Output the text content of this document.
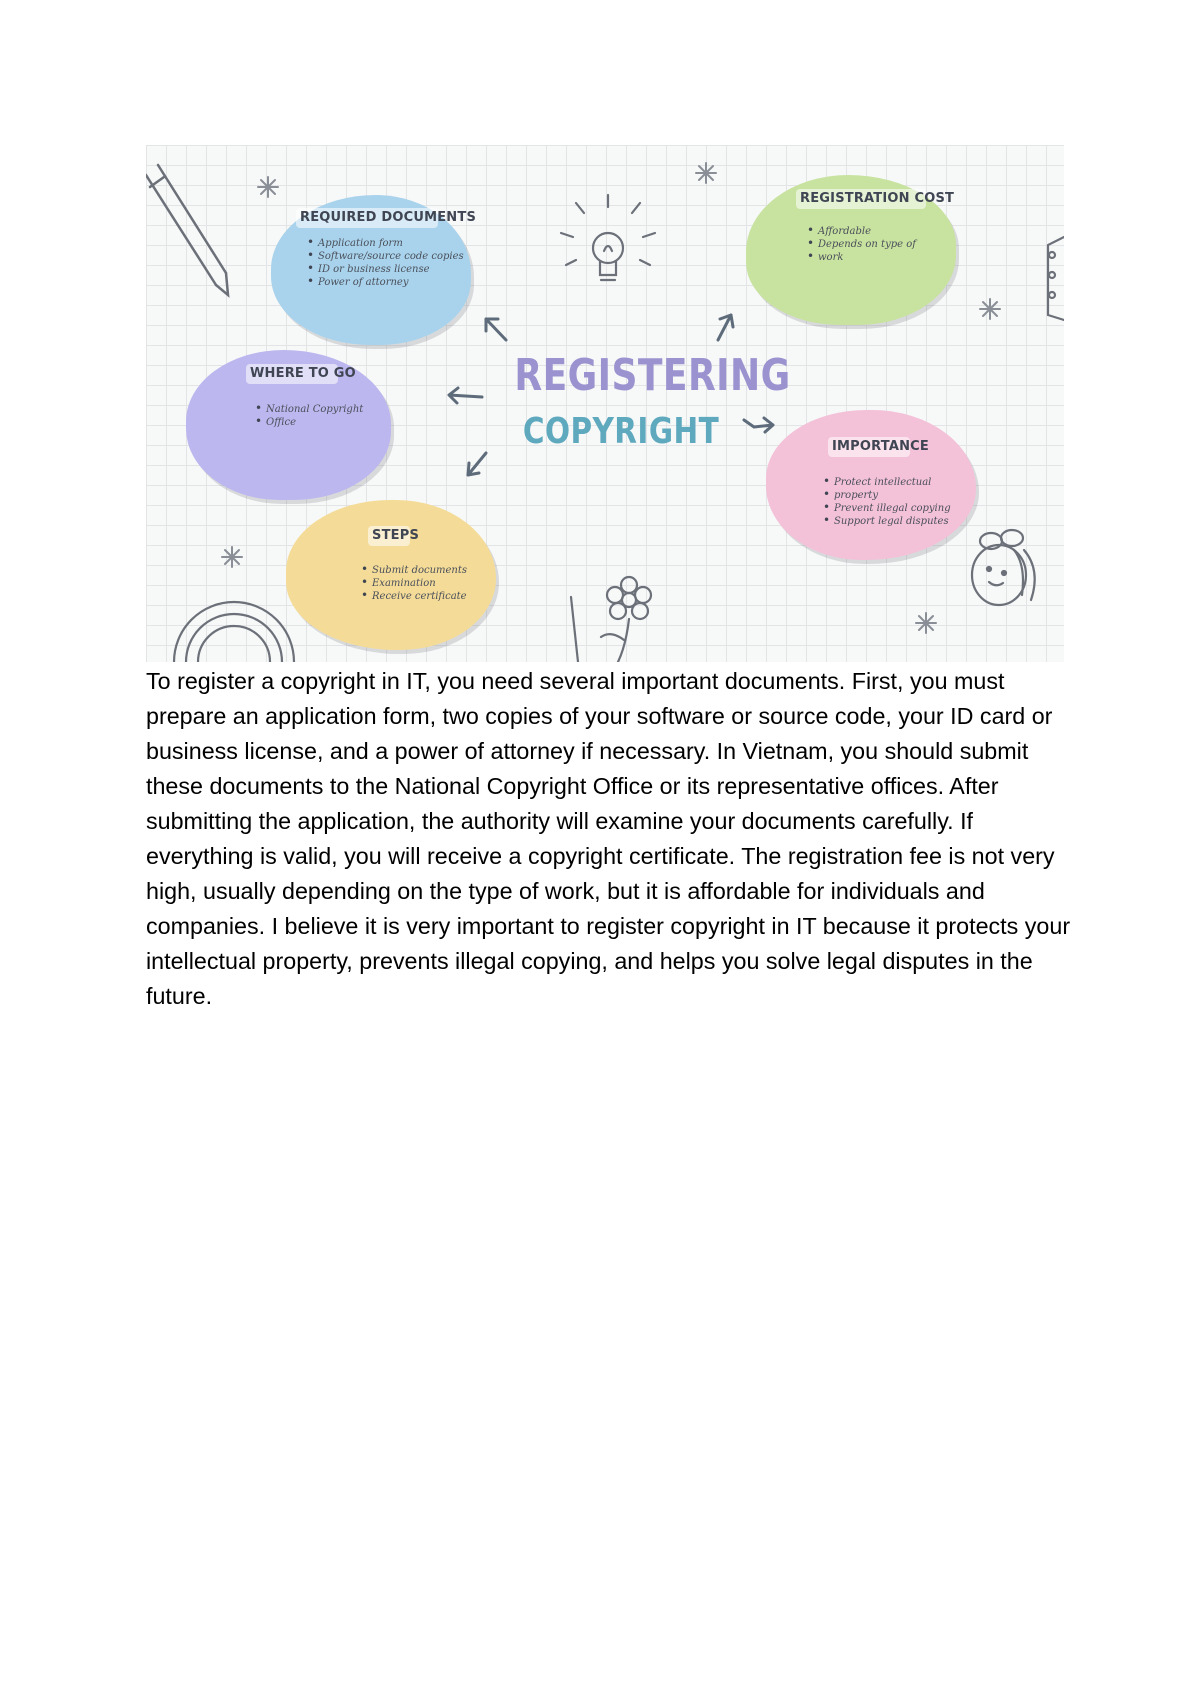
REQUIRED DOCUMENTS
• Application form
• Software/source code copies
• ID or business license
• Power of attorney
REGISTRATION COST
• Affordable
• Depends on type of
• work
WHERE TO GO
• National Copyright
• Office
IMPORTANCE
• Protect intellectual
• property
• Prevent illegal copying
• Support legal disputes
STEPS
• Submit documents
• Examination
• Receive certificate
REGISTERING
COPYRIGHT

To register a copyright in IT, you need several important documents. First, you must prepare an application form, two copies of your software or source code, your ID card or business license, and a power of attorney if necessary. In Vietnam, you should submit these documents to the National Copyright Office or its representative offices. After submitting the application, the authority will examine your documents carefully. If everything is valid, you will receive a copyright certificate. The registration fee is not very high, usually depending on the type of work, but it is affordable for individuals and companies. I believe it is very important to register copyright in IT because it protects your intellectual property, prevents illegal copying, and helps you solve legal disputes in the future.
